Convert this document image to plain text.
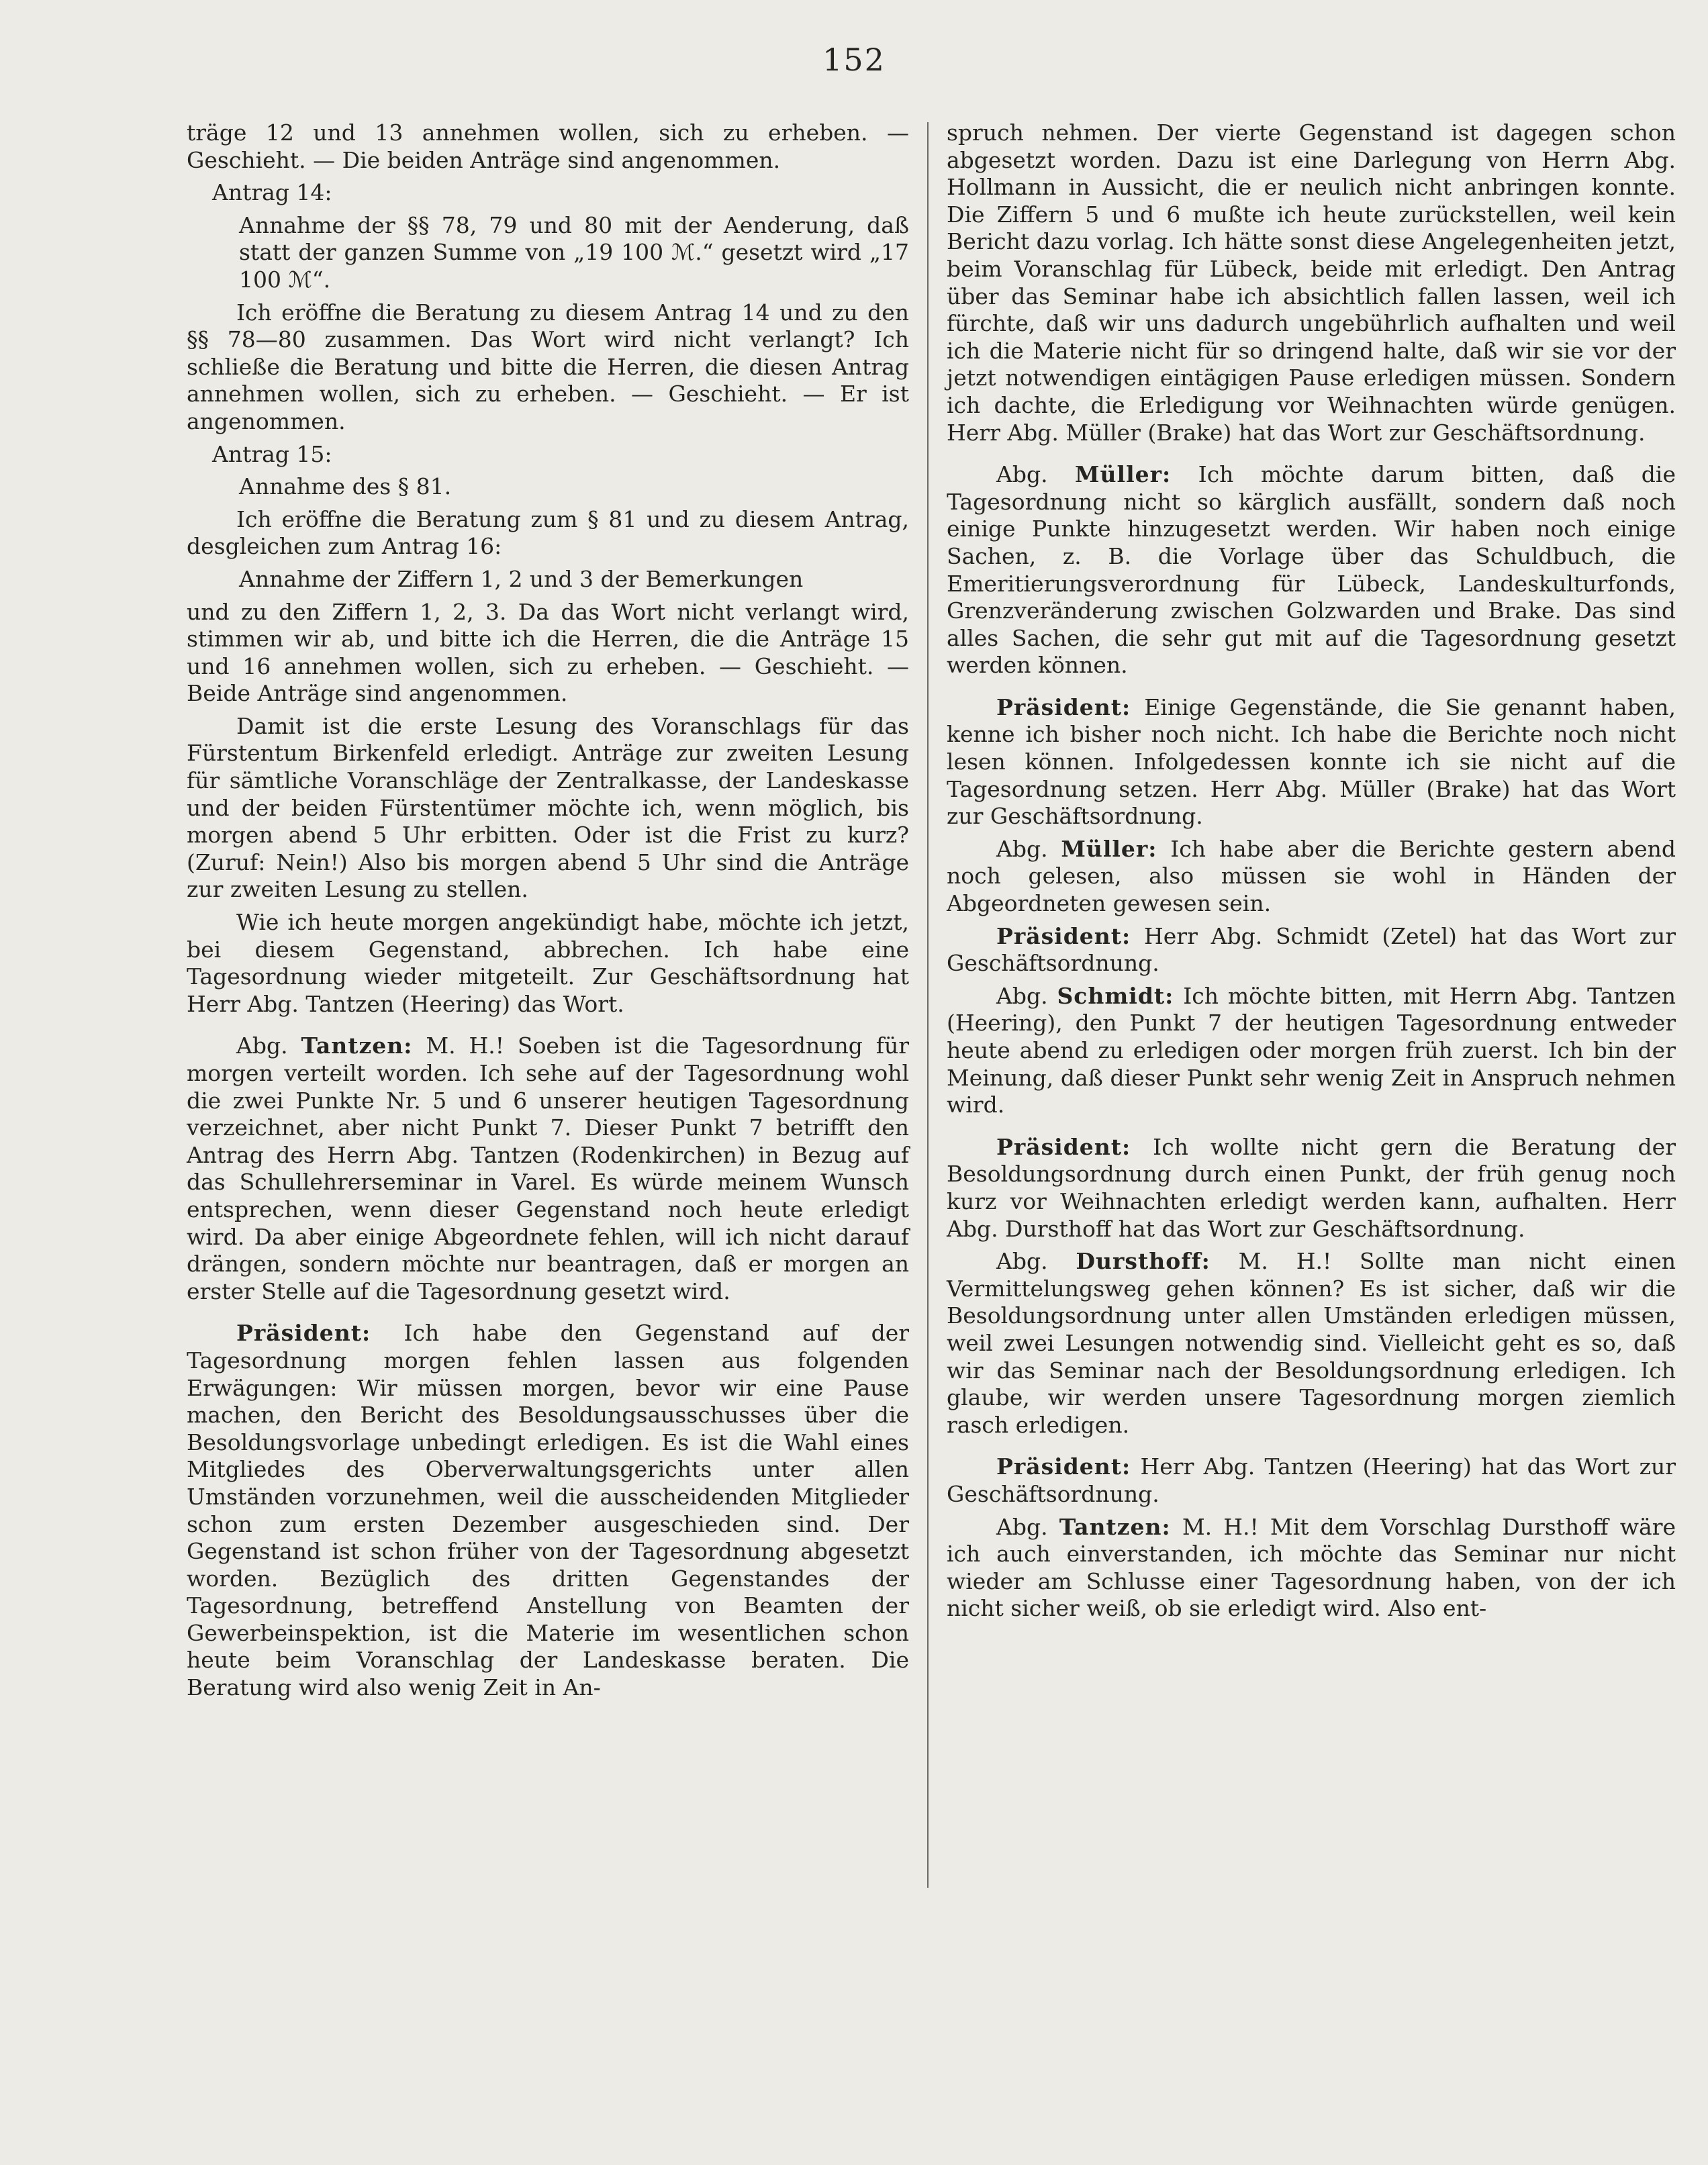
152

träge 12 und 13 annehmen wollen, sich zu erheben. — Geschieht. — Die beiden Anträge sind angenommen.

Antrag 14:

Annahme der §§ 78, 79 und 80 mit der Aenderung, daß statt der ganzen Summe von „19 100 ℳ.“ gesetzt wird „17 100 ℳ“.

Ich eröffne die Beratung zu diesem Antrag 14 und zu den §§ 78—80 zusammen. Das Wort wird nicht verlangt? Ich schließe die Beratung und bitte die Herren, die diesen Antrag annehmen wollen, sich zu erheben. — Geschieht. — Er ist angenommen.

Antrag 15:

Annahme des § 81.

Ich eröffne die Beratung zum § 81 und zu diesem Antrag, desgleichen zum Antrag 16:

Annahme der Ziffern 1, 2 und 3 der Bemerkungen

und zu den Ziffern 1, 2, 3. Da das Wort nicht verlangt wird, stimmen wir ab, und bitte ich die Herren, die die Anträge 15 und 16 annehmen wollen, sich zu erheben. — Geschieht. — Beide Anträge sind angenommen.

Damit ist die erste Lesung des Voranschlags für das Fürstentum Birkenfeld erledigt. Anträge zur zweiten Lesung für sämtliche Voranschläge der Zentralkasse, der Landeskasse und der beiden Fürstentümer möchte ich, wenn möglich, bis morgen abend 5 Uhr erbitten. Oder ist die Frist zu kurz? (Zuruf: Nein!) Also bis morgen abend 5 Uhr sind die Anträge zur zweiten Lesung zu stellen.

Wie ich heute morgen angekündigt habe, möchte ich jetzt, bei diesem Gegenstand, abbrechen. Ich habe eine Tagesordnung wieder mitgeteilt. Zur Geschäftsordnung hat Herr Abg. Tantzen (Heering) das Wort.

Abg. Tantzen: M. H.! Soeben ist die Tagesordnung für morgen verteilt worden. Ich sehe auf der Tagesordnung wohl die zwei Punkte Nr. 5 und 6 unserer heutigen Tagesordnung verzeichnet, aber nicht Punkt 7. Dieser Punkt 7 betrifft den Antrag des Herrn Abg. Tantzen (Rodenkirchen) in Bezug auf das Schullehrerseminar in Varel. Es würde meinem Wunsch entsprechen, wenn dieser Gegenstand noch heute erledigt wird. Da aber einige Abgeordnete fehlen, will ich nicht darauf drängen, sondern möchte nur beantragen, daß er morgen an erster Stelle auf die Tagesordnung gesetzt wird.

Präsident: Ich habe den Gegenstand auf der Tagesordnung morgen fehlen lassen aus folgenden Erwägungen: Wir müssen morgen, bevor wir eine Pause machen, den Bericht des Besoldungsausschusses über die Besoldungsvorlage unbedingt erledigen. Es ist die Wahl eines Mitgliedes des Oberverwaltungsgerichts unter allen Umständen vorzunehmen, weil die ausscheidenden Mitglieder schon zum ersten Dezember ausgeschieden sind. Der Gegenstand ist schon früher von der Tagesordnung abgesetzt worden. Bezüglich des dritten Gegenstandes der Tagesordnung, betreffend Anstellung von Beamten der Gewerbeinspektion, ist die Materie im wesentlichen schon heute beim Voranschlag der Landeskasse beraten. Die Beratung wird also wenig Zeit in An-

spruch nehmen. Der vierte Gegenstand ist dagegen schon abgesetzt worden. Dazu ist eine Darlegung von Herrn Abg. Hollmann in Aussicht, die er neulich nicht anbringen konnte. Die Ziffern 5 und 6 mußte ich heute zurückstellen, weil kein Bericht dazu vorlag. Ich hätte sonst diese Angelegenheiten jetzt, beim Voranschlag für Lübeck, beide mit erledigt. Den Antrag über das Seminar habe ich absichtlich fallen lassen, weil ich fürchte, daß wir uns dadurch ungebührlich aufhalten und weil ich die Materie nicht für so dringend halte, daß wir sie vor der jetzt notwendigen eintägigen Pause erledigen müssen. Sondern ich dachte, die Erledigung vor Weihnachten würde genügen. Herr Abg. Müller (Brake) hat das Wort zur Geschäftsordnung.

Abg. Müller: Ich möchte darum bitten, daß die Tagesordnung nicht so kärglich ausfällt, sondern daß noch einige Punkte hinzugesetzt werden. Wir haben noch einige Sachen, z. B. die Vorlage über das Schuldbuch, die Emeritierungsverordnung für Lübeck, Landeskulturfonds, Grenzveränderung zwischen Golzwarden und Brake. Das sind alles Sachen, die sehr gut mit auf die Tagesordnung gesetzt werden können.

Präsident: Einige Gegenstände, die Sie genannt haben, kenne ich bisher noch nicht. Ich habe die Berichte noch nicht lesen können. Infolgedessen konnte ich sie nicht auf die Tagesordnung setzen. Herr Abg. Müller (Brake) hat das Wort zur Geschäftsordnung.

Abg. Müller: Ich habe aber die Berichte gestern abend noch gelesen, also müssen sie wohl in Händen der Abgeordneten gewesen sein.

Präsident: Herr Abg. Schmidt (Zetel) hat das Wort zur Geschäftsordnung.

Abg. Schmidt: Ich möchte bitten, mit Herrn Abg. Tantzen (Heering), den Punkt 7 der heutigen Tagesordnung entweder heute abend zu erledigen oder morgen früh zuerst. Ich bin der Meinung, daß dieser Punkt sehr wenig Zeit in Anspruch nehmen wird.

Präsident: Ich wollte nicht gern die Beratung der Besoldungsordnung durch einen Punkt, der früh genug noch kurz vor Weihnachten erledigt werden kann, aufhalten. Herr Abg. Dursthoff hat das Wort zur Geschäftsordnung.

Abg. Dursthoff: M. H.! Sollte man nicht einen Vermittelungsweg gehen können? Es ist sicher, daß wir die Besoldungsordnung unter allen Umständen erledigen müssen, weil zwei Lesungen notwendig sind. Vielleicht geht es so, daß wir das Seminar nach der Besoldungsordnung erledigen. Ich glaube, wir werden unsere Tagesordnung morgen ziemlich rasch erledigen.

Präsident: Herr Abg. Tantzen (Heering) hat das Wort zur Geschäftsordnung.

Abg. Tantzen: M. H.! Mit dem Vorschlag Dursthoff wäre ich auch einverstanden, ich möchte das Seminar nur nicht wieder am Schlusse einer Tagesordnung haben, von der ich nicht sicher weiß, ob sie erledigt wird. Also ent-
